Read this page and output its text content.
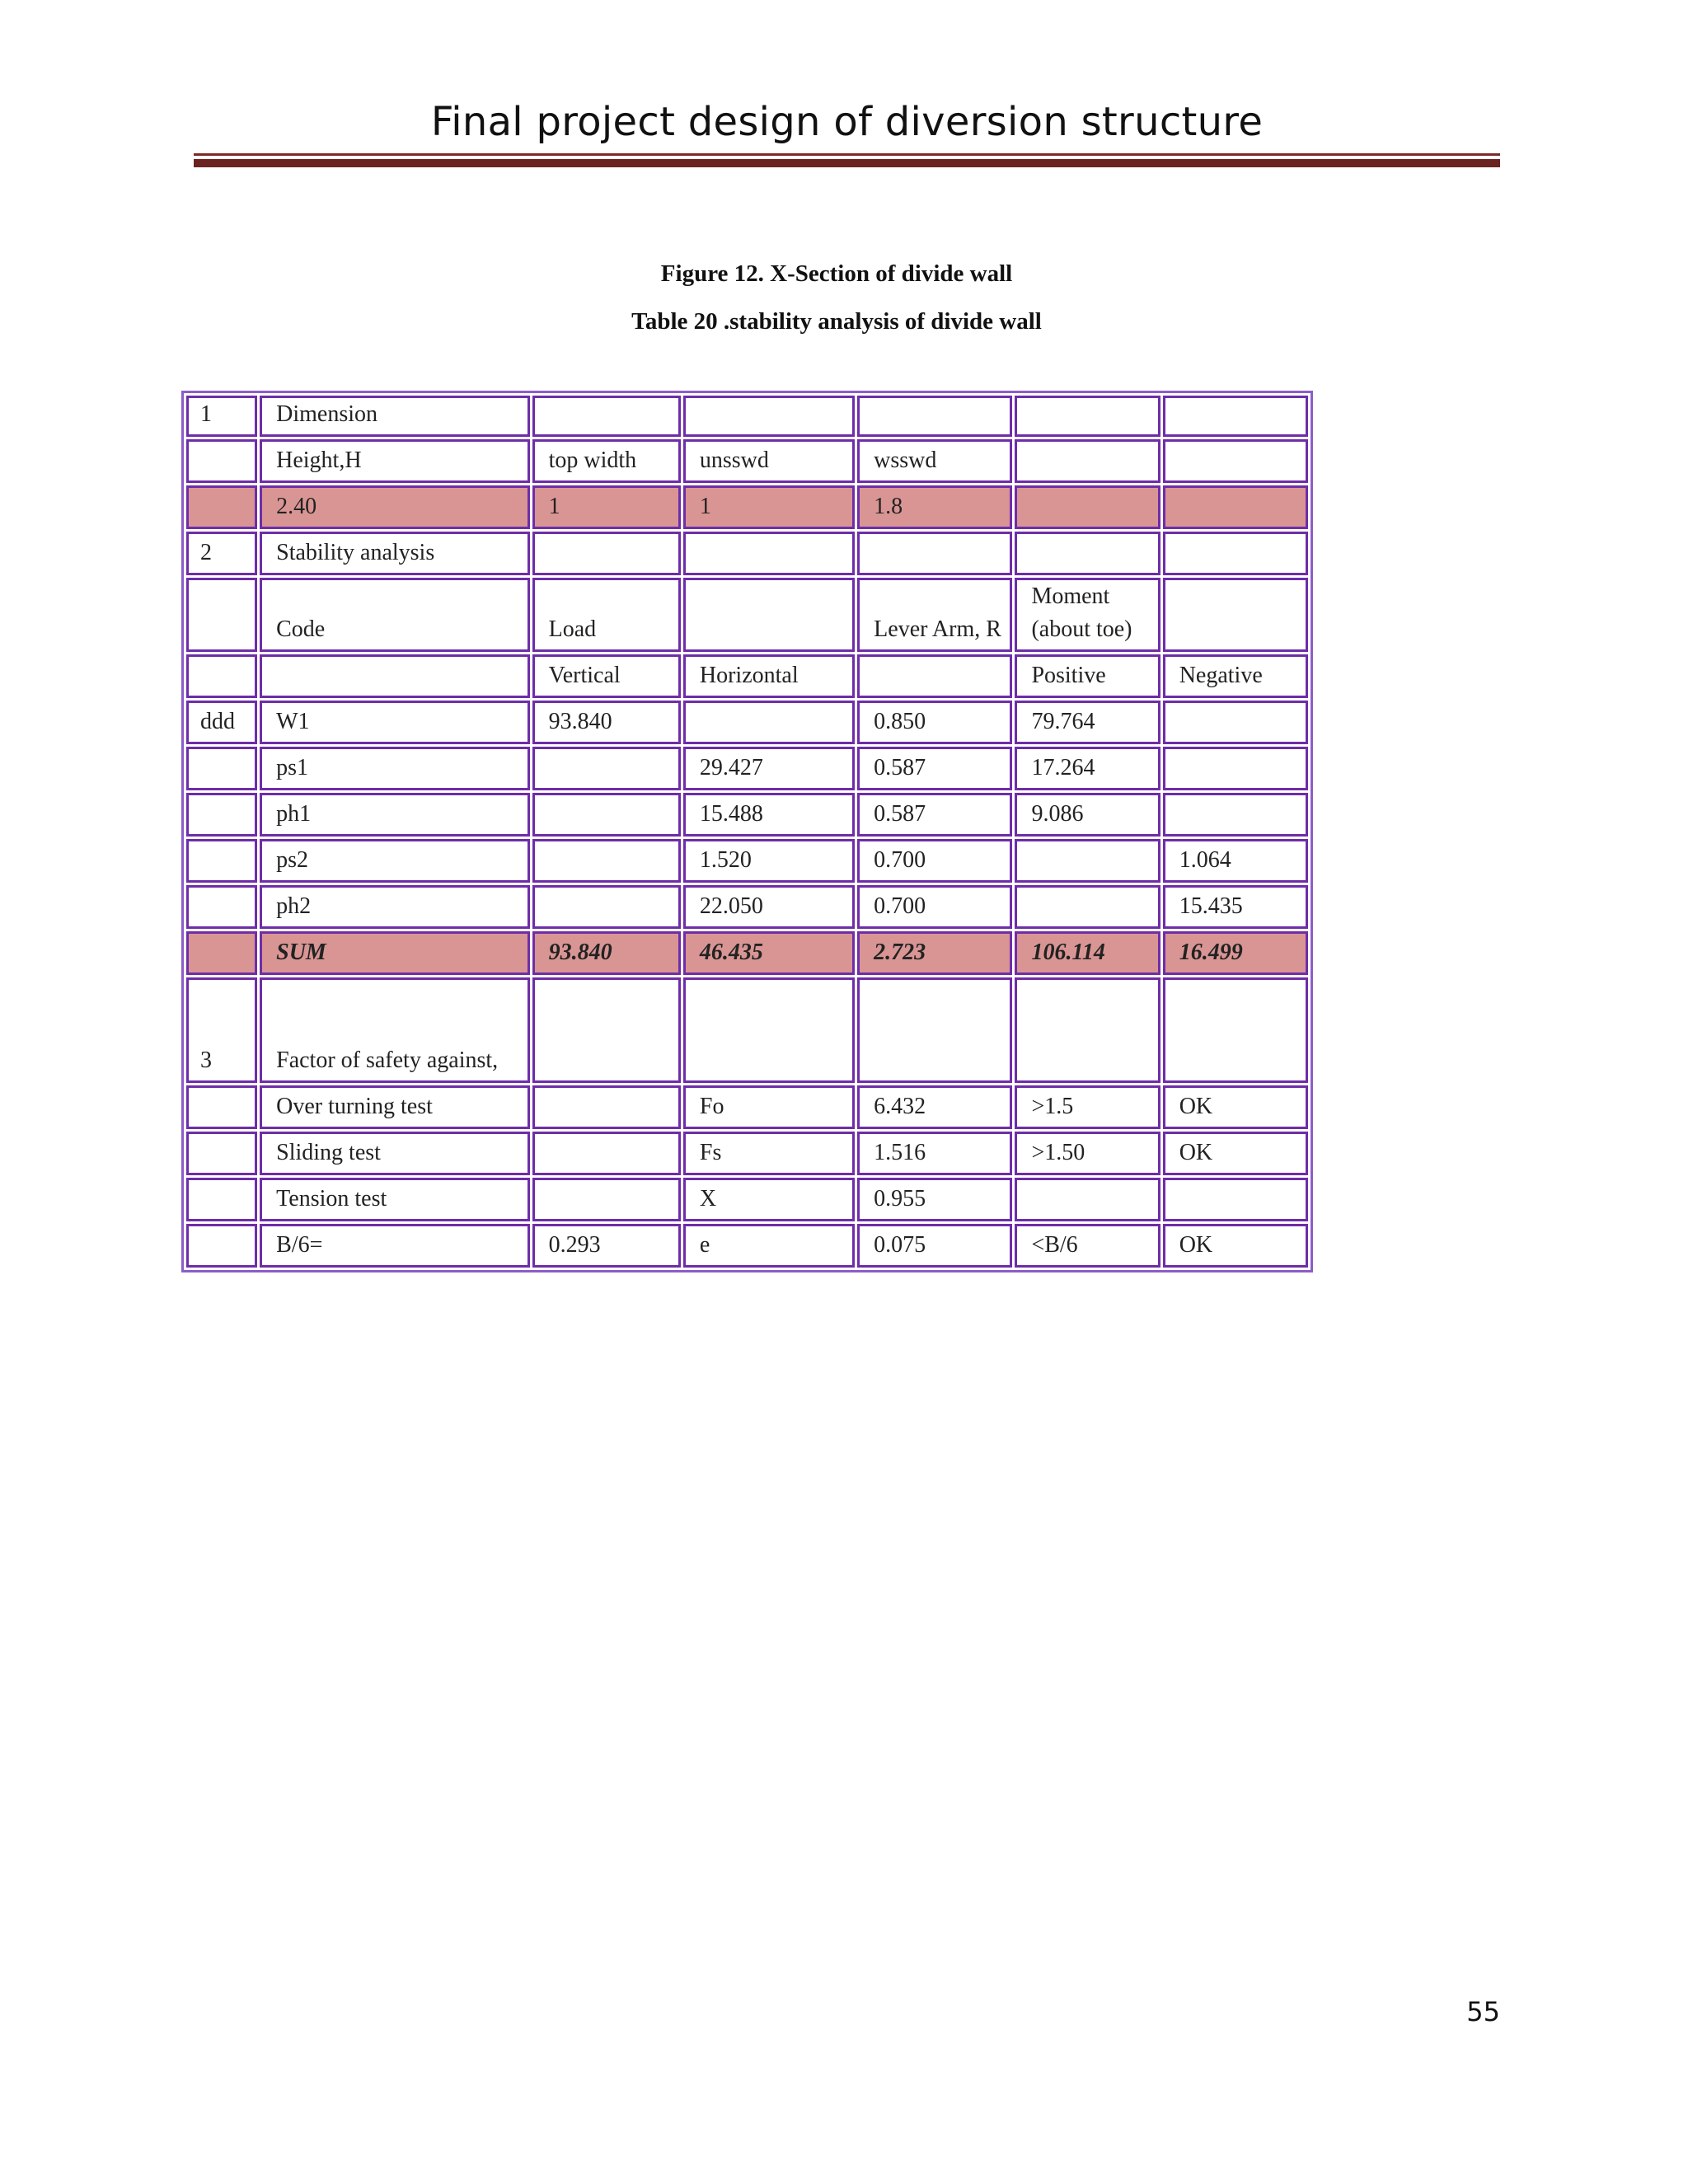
Final project design of diversion structure
Figure 12. X-Section of divide wall
Table 20 .stability analysis of divide wall
1	Dimension					
	Height,H	top width	unsswd	wsswd		
	2.40	1	1	1.8		
2	Stability analysis					
	Code	Load		Lever Arm, R	Moment (about toe)	
		Vertical	Horizontal		Positive	Negative
ddd	W1	93.840		0.850	79.764	
	ps1		29.427	0.587	17.264	
	ph1		15.488	0.587	9.086	
	ps2		1.520	0.700		1.064
	ph2		22.050	0.700		15.435
	SUM	93.840	46.435	2.723	106.114	16.499
3	Factor of safety against,					
	Over turning test		Fo	6.432	>1.5	OK
	Sliding test		Fs	1.516	>1.50	OK
	Tension test		X	0.955		
	B/6=	0.293	e	0.075	<B/6	OK
55
